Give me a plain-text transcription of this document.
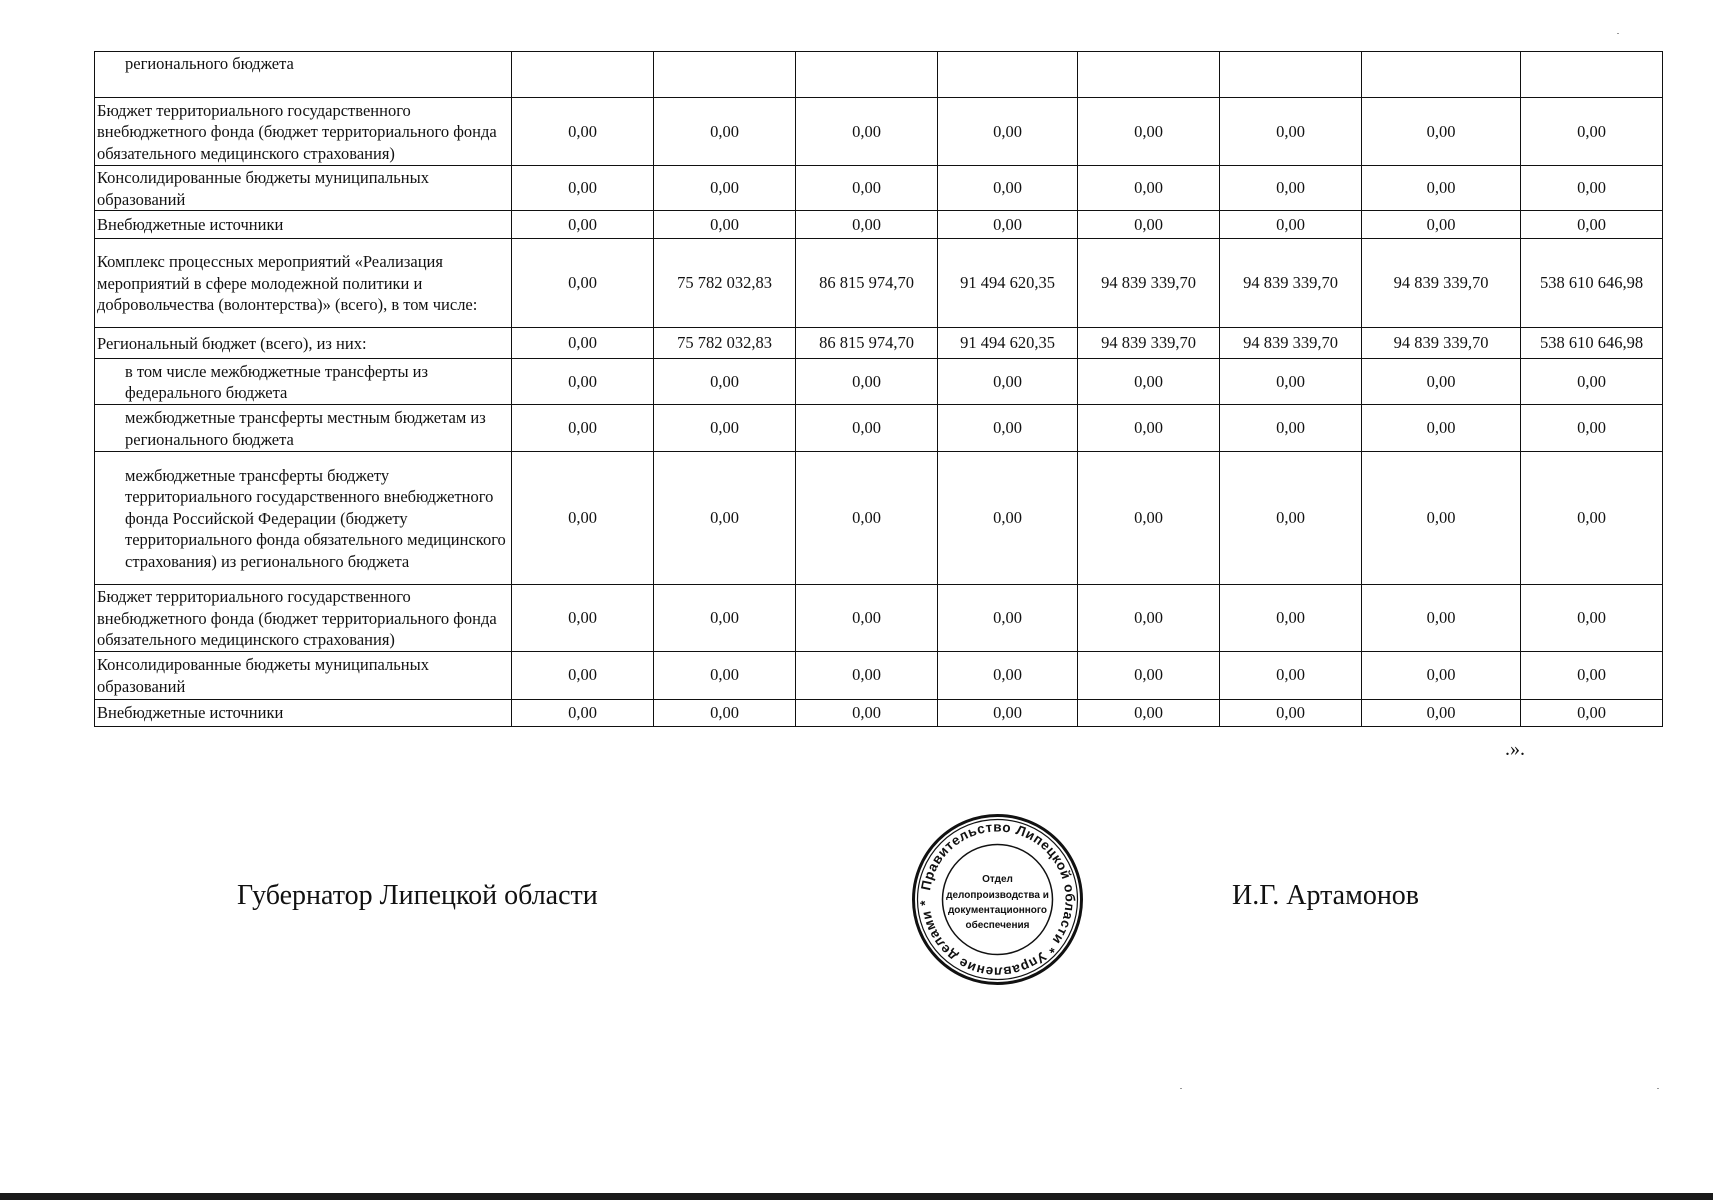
регионального бюджета								
Бюджет территориального государственного внебюджетного фонда (бюджет территориального фонда обязательного медицинского страхования)	0,00	0,00	0,00	0,00	0,00	0,00	0,00	0,00
Консолидированные бюджеты муниципальных образований	0,00	0,00	0,00	0,00	0,00	0,00	0,00	0,00
Внебюджетные источники	0,00	0,00	0,00	0,00	0,00	0,00	0,00	0,00
Комплекс процессных мероприятий «Реализация мероприятий в сфере молодежной политики и добровольчества (волонтерства)» (всего), в том числе:	0,00	75 782 032,83	86 815 974,70	91 494 620,35	94 839 339,70	94 839 339,70	94 839 339,70	538 610 646,98
Региональный бюджет (всего), из них:	0,00	75 782 032,83	86 815 974,70	91 494 620,35	94 839 339,70	94 839 339,70	94 839 339,70	538 610 646,98
в том числе межбюджетные трансферты из федерального бюджета	0,00	0,00	0,00	0,00	0,00	0,00	0,00	0,00
межбюджетные трансферты местным бюджетам из регионального бюджета	0,00	0,00	0,00	0,00	0,00	0,00	0,00	0,00
межбюджетные трансферты бюджету территориального государственного внебюджетного фонда Российской Федерации (бюджету территориального фонда обязательного медицинского страхования) из регионального бюджета	0,00	0,00	0,00	0,00	0,00	0,00	0,00	0,00
Бюджет территориального государственного внебюджетного фонда (бюджет территориального фонда обязательного медицинского страхования)	0,00	0,00	0,00	0,00	0,00	0,00	0,00	0,00
Консолидированные бюджеты муниципальных образований	0,00	0,00	0,00	0,00	0,00	0,00	0,00	0,00
Внебюджетные источники	0,00	0,00	0,00	0,00	0,00	0,00	0,00	0,00
.».
Губернатор Липецкой области	И.Г. Артамонов
Правительство Липецкой области * Управление делами *
Отдел
делопроизводства и
документационного
обеспечения
